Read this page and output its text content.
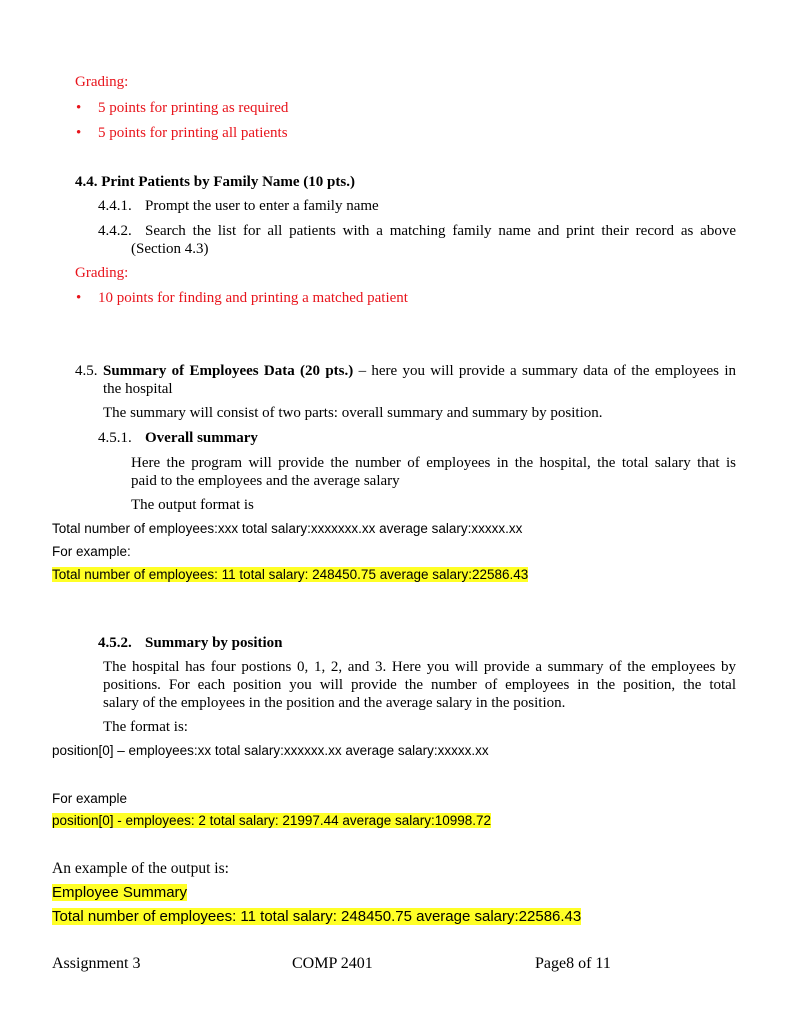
Grading:
• 5 points for printing as required
• 5 points for printing all patients
4.4. Print Patients by Family Name (10 pts.)
4.4.1. Prompt the user to enter a family name
4.4.2. Search the list for all patients with a matching family name and print their record as above
(Section 4.3)
Grading:
• 10 points for finding and printing a matched patient
4.5. Summary of Employees Data (20 pts.) – here you will provide a summary data of the employees in
the hospital
The summary will consist of two parts: overall summary and summary by position.
4.5.1. Overall summary
Here the program will provide the number of employees in the hospital, the total salary that is
paid to the employees and the average salary
The output format is
Total number of employees:xxx total salary:xxxxxxx.xx average salary:xxxxx.xx
For example:
Total number of employees: 11 total salary: 248450.75 average salary:22586.43
4.5.2. Summary by position
The hospital has four postions 0, 1, 2, and 3. Here you will provide a summary of the employees by
positions. For each position you will provide the number of employees in the position, the total
salary of the employees in the position and the average salary in the position.
The format is:
position[0] – employees:xx total salary:xxxxxx.xx average salary:xxxxx.xx
For example
position[0] - employees: 2 total salary: 21997.44 average salary:10998.72
An example of the output is:
Employee Summary
Total number of employees: 11 total salary: 248450.75 average salary:22586.43
Assignment 3	COMP 2401	Page8 of 11
